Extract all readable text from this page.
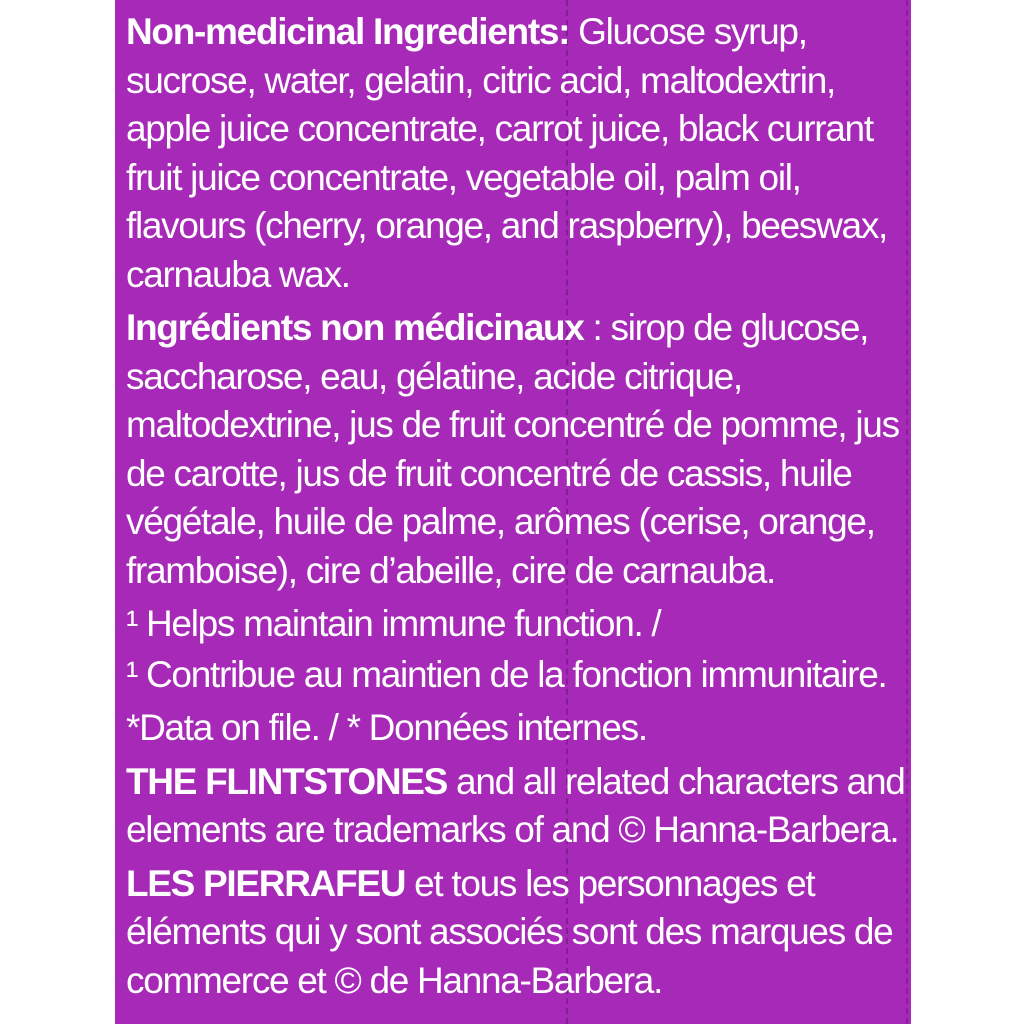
Non-medicinal Ingredients: Glucose syrup, sucrose, water, gelatin, citric acid, maltodextrin, apple juice concentrate, carrot juice, black currant fruit juice concentrate, vegetable oil, palm oil, flavours (cherry, orange, and raspberry), beeswax, carnauba wax.

Ingrédients non médicinaux : sirop de glucose, saccharose, eau, gélatine, acide citrique, maltodextrine, jus de fruit concentré de pomme, jus de carotte, jus de fruit concentré de cassis, huile végétale, huile de palme, arômes (cerise, orange, framboise), cire d’abeille, cire de carnauba.

¹ Helps maintain immune function. /

¹ Contribue au maintien de la fonction immunitaire.

*Data on file. / * Données internes.

THE FLINTSTONES and all related characters and elements are trademarks of and © Hanna-Barbera.

LES PIERRAFEU et tous les personnages et éléments qui y sont associés sont des marques de commerce et © de Hanna-Barbera.
